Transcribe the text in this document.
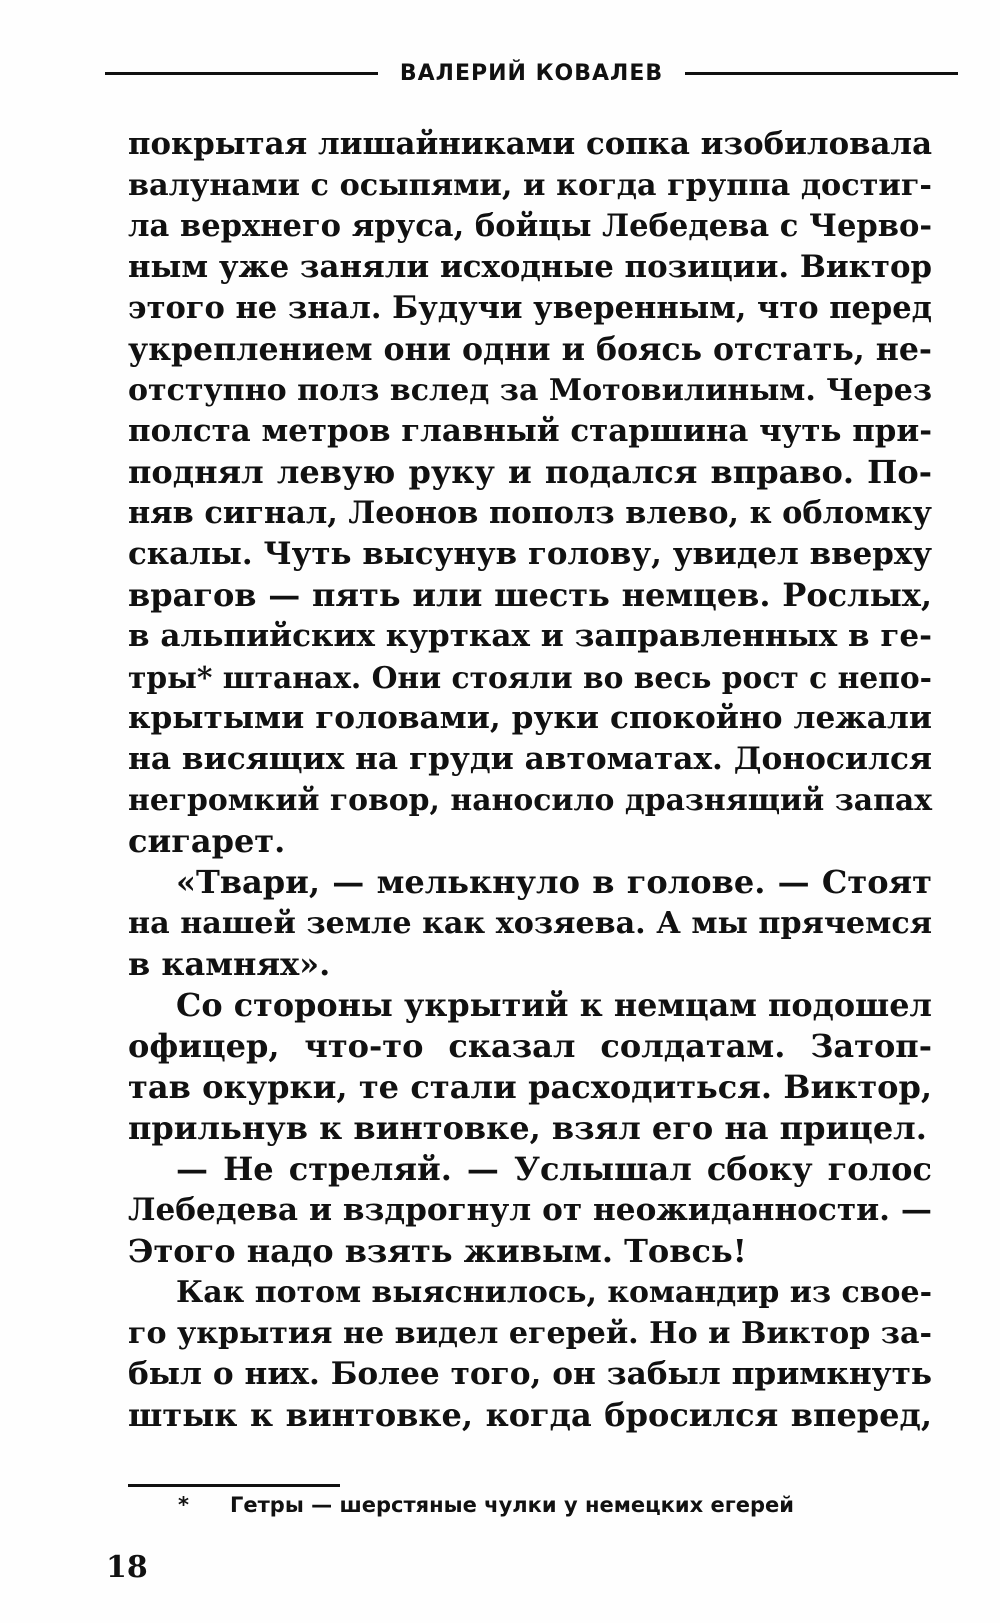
ВАЛЕРИЙ КОВАЛЕВ
покрытая лишайниками сопка изобиловала
валунами с осыпями, и когда группа достиг-
ла верхнего яруса, бойцы Лебедева с Черво-
ным уже заняли исходные позиции. Виктор
этого не знал. Будучи уверенным, что перед
укреплением они одни и боясь отстать, не-
отступно полз вслед за Мотовилиным. Через
полста метров главный старшина чуть при-
поднял левую руку и подался вправо. По-
няв сигнал, Леонов пополз влево, к обломку
скалы. Чуть высунув голову, увидел вверху
врагов — пять или шесть немцев. Рослых,
в альпийских куртках и заправленных в ге-
тры* штанах. Они стояли во весь рост с непо-
крытыми головами, руки спокойно лежали
на висящих на груди автоматах. Доносился
негромкий говор, наносило дразнящий запах
сигарет.
«Твари, — мелькнуло в голове. — Стоят
на нашей земле как хозяева. А мы прячемся
в камнях».
Со стороны укрытий к немцам подошел
офицер, что-то сказал солдатам. Затоп-
тав окурки, те стали расходиться. Виктор,
прильнув к винтовке, взял его на прицел.
— Не стреляй. — Услышал сбоку голос
Лебедева и вздрогнул от неожиданности. —
Этого надо взять живым. Товсь!
Как потом выяснилось, командир из свое-
го укрытия не видел егерей. Но и Виктор за-
был о них. Более того, он забыл примкнуть
штык к винтовке, когда бросился вперед,
* Гетры — шерстяные чулки у немецких егерей
18
